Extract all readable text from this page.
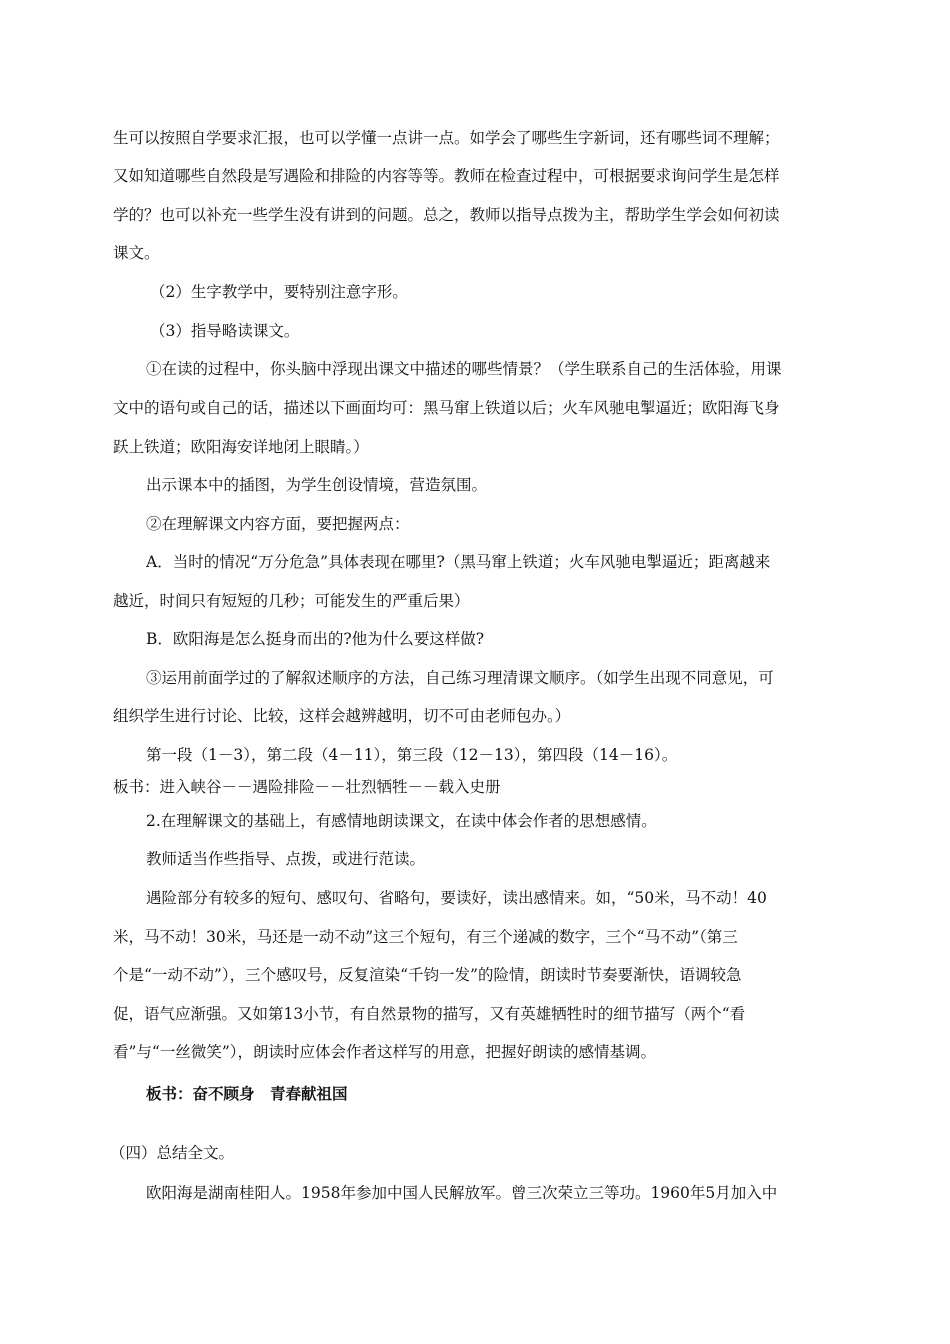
生可以按照自学要求汇报，也可以学懂一点讲一点。如学会了哪些生字新词，还有哪些词不理解；
又如知道哪些自然段是写遇险和排险的内容等等。教师在检查过程中，可根据要求询问学生是怎样
学的？也可以补充一些学生没有讲到的问题。总之，教师以指导点拨为主，帮助学生学会如何初读
课文。
（2）生字教学中，要特别注意字形。
（3）指导略读课文。
①在读的过程中，你头脑中浮现出课文中描述的哪些情景？（学生联系自己的生活体验，用课
文中的语句或自己的话，描述以下画面均可：黑马窜上铁道以后；火车风驰电掣逼近；欧阳海飞身
跃上铁道；欧阳海安详地闭上眼睛。）
出示课本中的插图，为学生创设情境，营造氛围。
②在理解课文内容方面，要把握两点：
A．当时的情况“万分危急”具体表现在哪里?（黑马窜上铁道；火车风驰电掣逼近；距离越来
越近，时间只有短短的几秒；可能发生的严重后果）
B．欧阳海是怎么挺身而出的?他为什么要这样做?
③运用前面学过的了解叙述顺序的方法，自己练习理清课文顺序。（如学生出现不同意见，可
组织学生进行讨论、比较，这样会越辨越明，切不可由老师包办。）
第一段（1－3），第二段（4－11），第三段（12－13），第四段（14－16）。
板书：进入峡谷－－遇险排险－－壮烈牺牲－－载入史册
2.在理解课文的基础上，有感情地朗读课文，在读中体会作者的思想感情。
教师适当作些指导、点拨，或进行范读。
遇险部分有较多的短句、感叹句、省略句，要读好，读出感情来。如，“50米，马不动！40
米，马不动！30米，马还是一动不动”这三个短句，有三个递减的数字，三个“马不动”（第三
个是“一动不动”），三个感叹号，反复渲染“千钧一发”的险情，朗读时节奏要渐快，语调较急
促，语气应渐强。又如第13小节，有自然景物的描写，又有英雄牺牲时的细节描写（两个“看
看”与“一丝微笑”），朗读时应体会作者这样写的用意，把握好朗读的感情基调。
板书：奋不顾身　青春献祖国
（四）总结全文。
欧阳海是湖南桂阳人。1958年参加中国人民解放军。曾三次荣立三等功。1960年5月加入中
